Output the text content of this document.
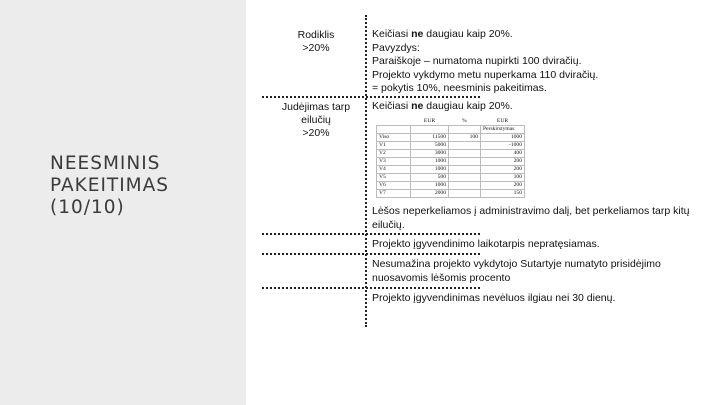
NEESMINIS
PAKEITIMAS
(10/10)
Rodiklis
>20%
Judėjimas tarp
eilučių
>20%
Keičiasi ne daugiau kaip 20%.
Pavyzdys:
Paraiškoje – numatoma nupirkti 100 dviračių.
Projekto vykdymo metu nuperkama 110 dviračių.
= pokytis 10%, neesminis pakeitimas.
Keičiasi ne daugiau kaip 20%.
	EUR	%	EUR
			Perskirstymas
Viso	11500	100	1000
V1	5000		-1000
V2	3000		400
V3	1000		200
V4	1000		200
V5	500		100
V6	1000		200
V7	2000		150
Lėšos neperkeliamos į administravimo dalį, bet perkeliamos tarp kitų eilučių.
Projekto įgyvendinimo laikotarpis nepratęsiamas.
Nesumažina projekto vykdytojo Sutartyje numatyto prisidėjimo nuosavomis lėšomis procento
Projekto įgyvendinimas nevėluos ilgiau nei 30 dienų.
